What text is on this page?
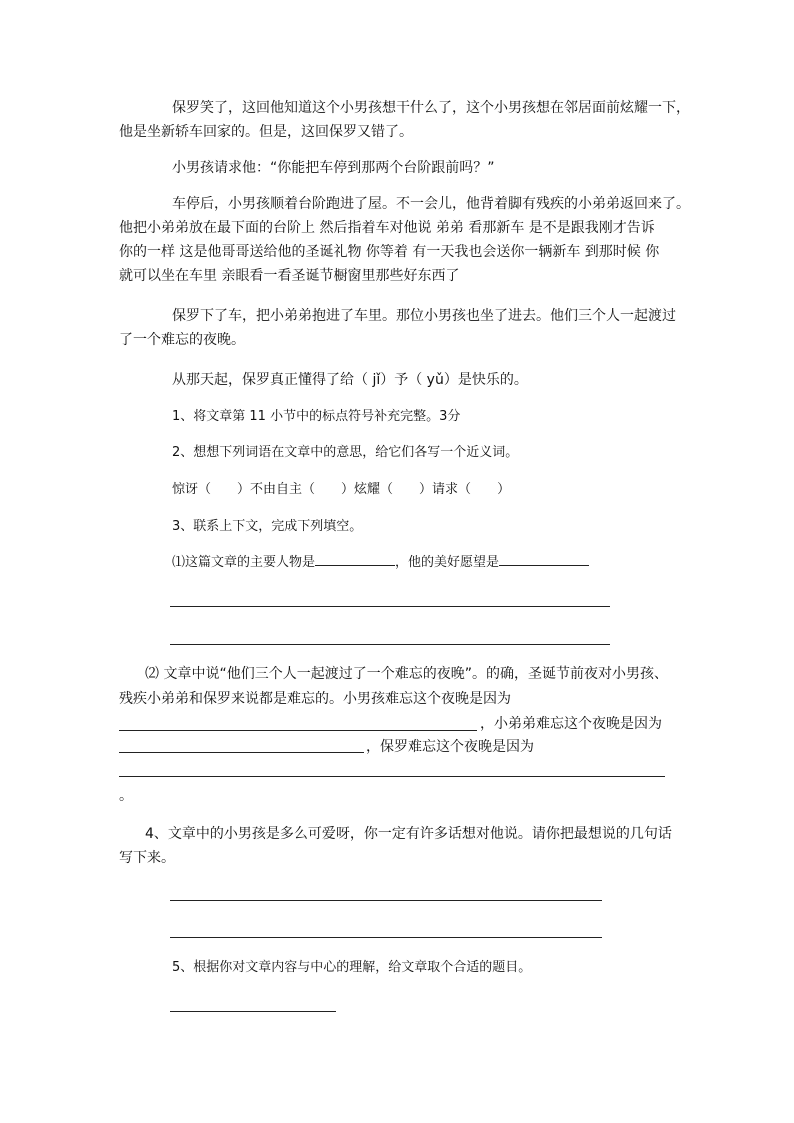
保罗笑了，这回他知道这个小男孩想干什么了，这个小男孩想在邻居面前炫耀一下，
他是坐新轿车回家的。但是，这回保罗又错了。
小男孩请求他：“你能把车停到那两个台阶跟前吗？”
车停后，小男孩顺着台阶跑进了屋。不一会儿，他背着脚有残疾的小弟弟返回来了。
他把小弟弟放在最下面的台阶上 然后指着车对他说 弟弟 看那新车 是不是跟我刚才告诉
你的一样 这是他哥哥送给他的圣诞礼物 你等着 有一天我也会送你一辆新车 到那时候 你
就可以坐在车里 亲眼看一看圣诞节橱窗里那些好东西了
保罗下了车，把小弟弟抱进了车里。那位小男孩也坐了进去。他们三个人一起渡过
了一个难忘的夜晚。
从那天起，保罗真正懂得了给（ jǐ）予（ yǔ）是快乐的。
1、将文章第 11 小节中的标点符号补充完整。3分
2、想想下列词语在文章中的意思，给它们各写一个近义词。
惊讶（ ）不由自主（ ）炫耀（ ）请求（ ）
3、联系上下文，完成下列填空。
⑴这篇文章的主要人物是	，他的美好愿望是
⑵ 文章中说“他们三个人一起渡过了一个难忘的夜晚”。的确，圣诞节前夜对小男孩、
残疾小弟弟和保罗来说都是难忘的。小男孩难忘这个夜晚是因为
，小弟弟难忘这个夜晚是因为
，保罗难忘这个夜晚是因为
。
4、文章中的小男孩是多么可爱呀，你一定有许多话想对他说。请你把最想说的几句话
写下来。
5、根据你对文章内容与中心的理解，给文章取个合适的题目。
